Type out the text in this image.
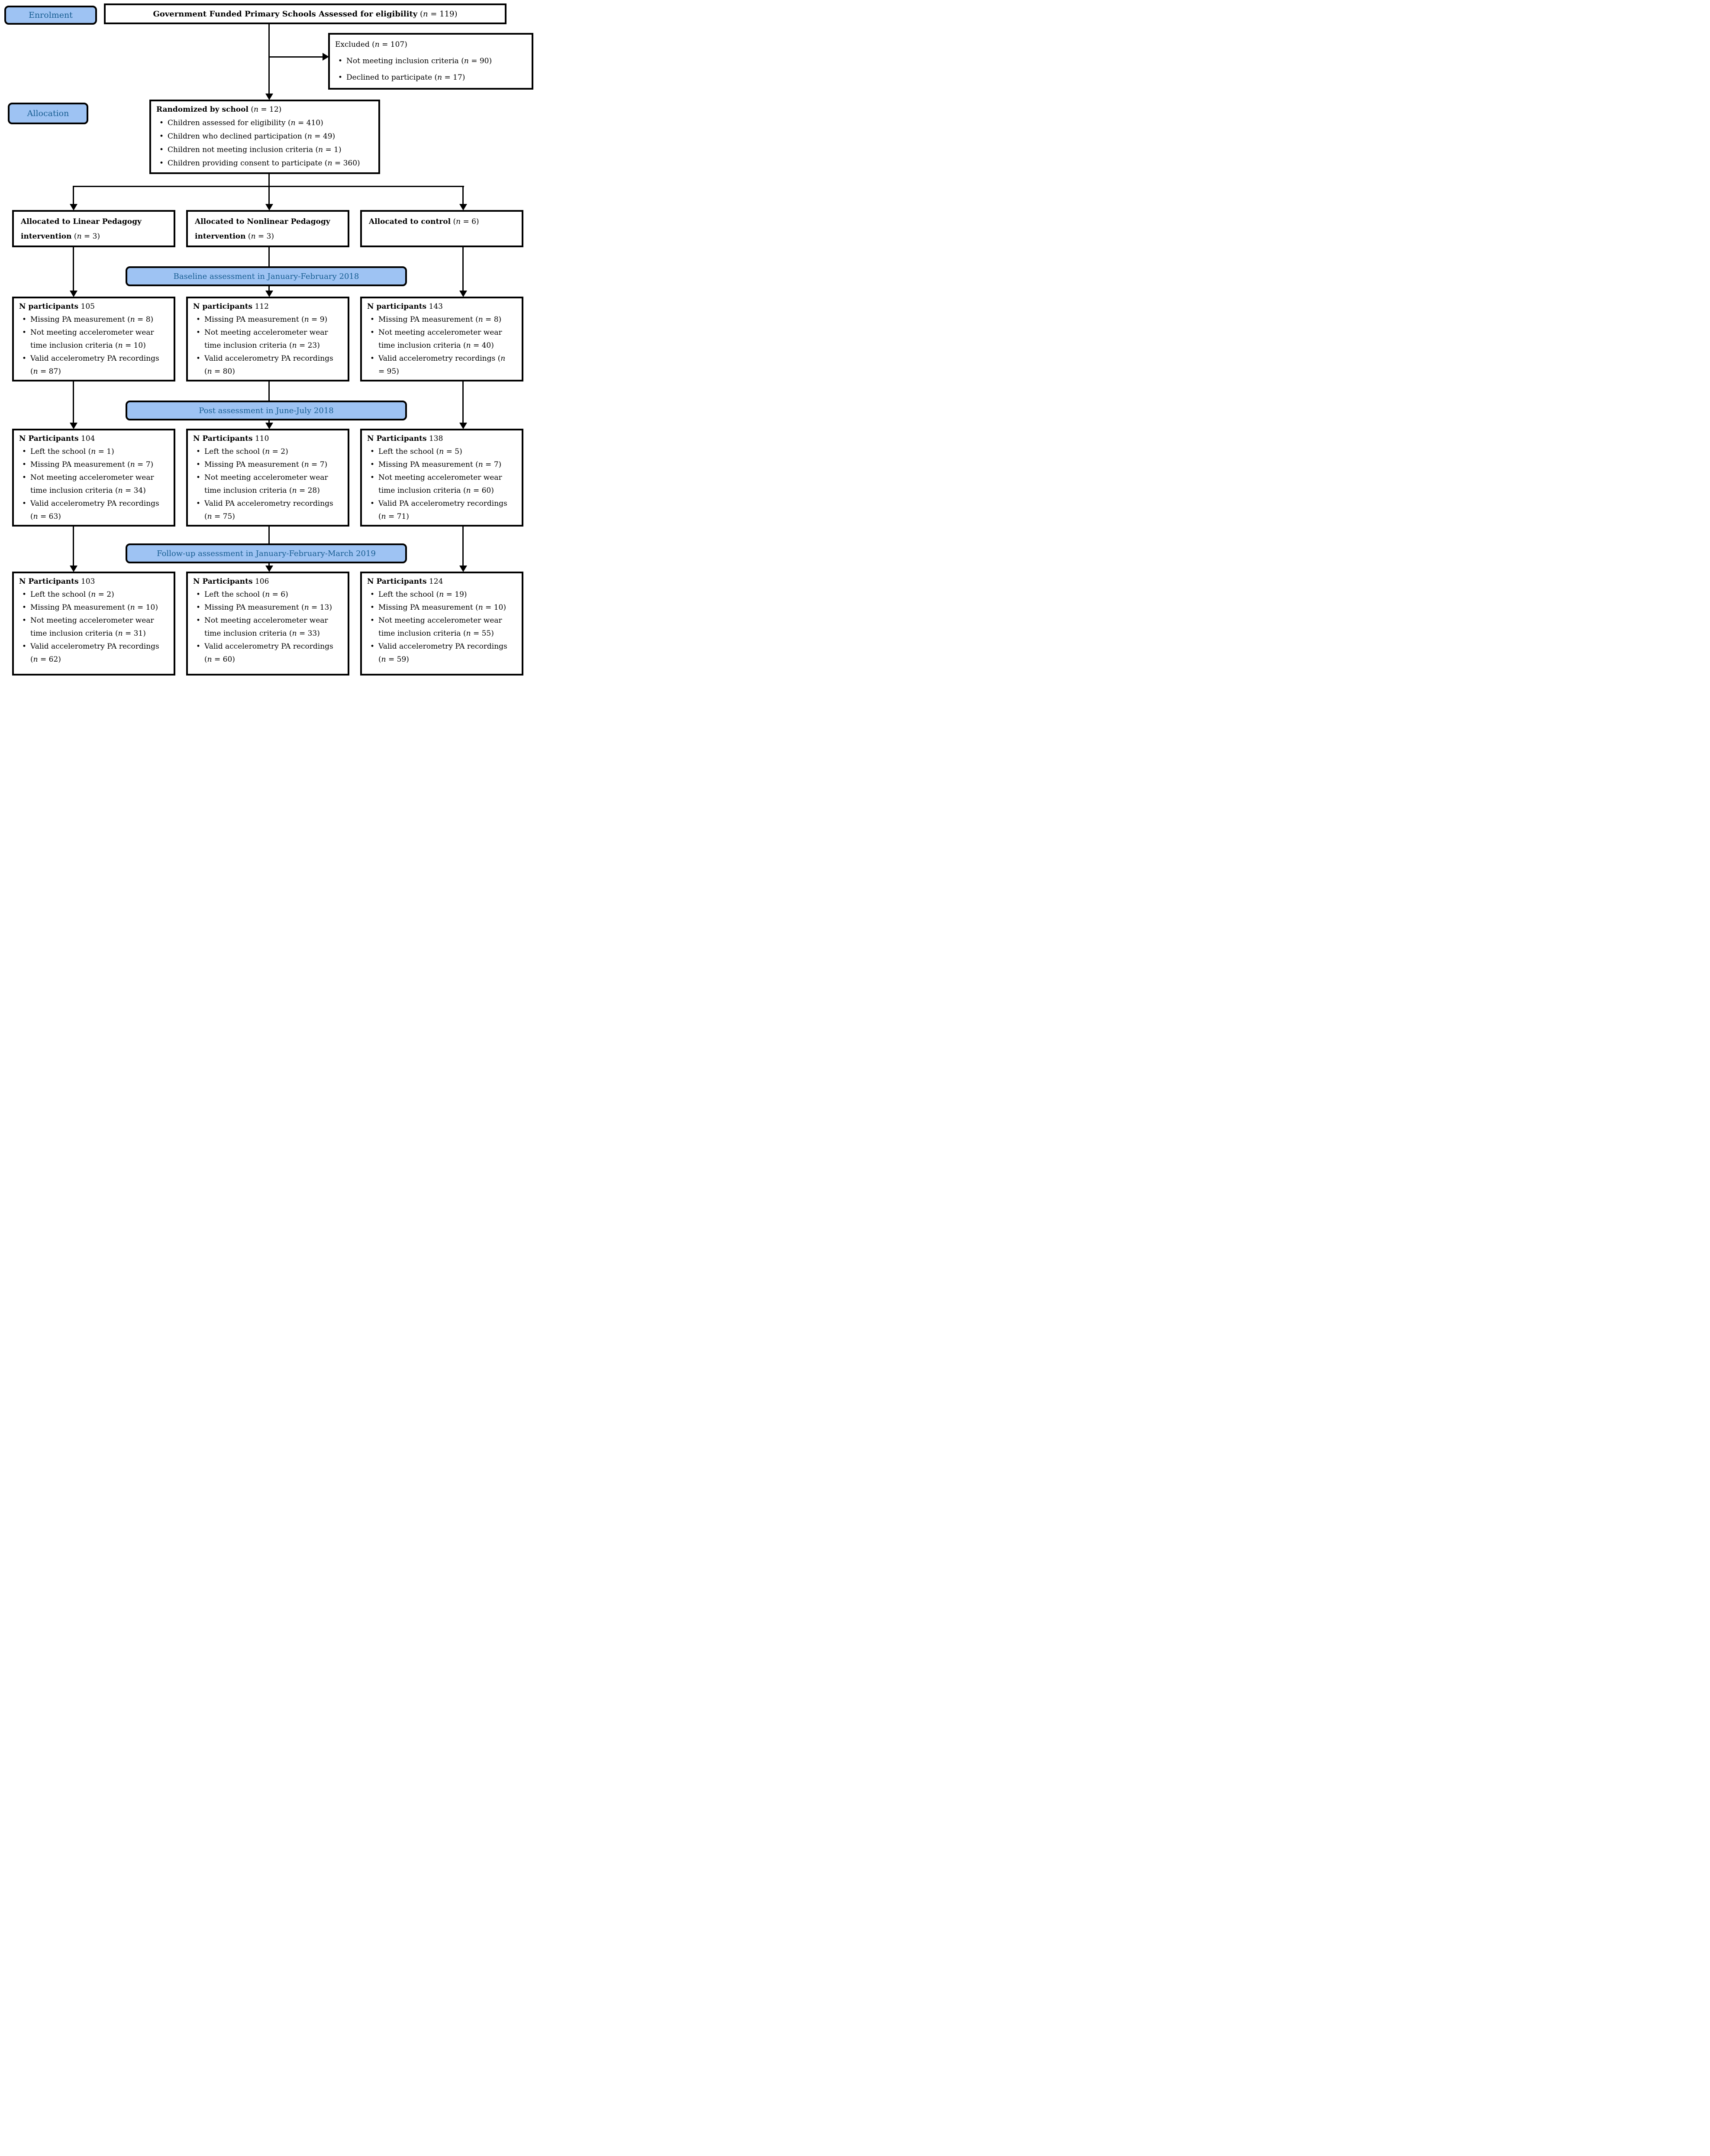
Enrolment
Allocation
Government Funded Primary Schools Assessed for eligibility (n = 119)
Excluded (n = 107)
• Not meeting inclusion criteria (n = 90)
• Declined to participate (n = 17)
Randomized by school (n = 12)
• Children assessed for eligibility (n = 410)
• Children who declined participation (n = 49)
• Children not meeting inclusion criteria (n = 1)
• Children providing consent to participate (n = 360)
Allocated to Linear Pedagogy intervention (n = 3)
Allocated to Nonlinear Pedagogy intervention (n = 3)
Allocated to control (n = 6)
Baseline assessment in January-February 2018
N participants 105
• Missing PA measurement (n = 8)
• Not meeting accelerometer wear time inclusion criteria (n = 10)
• Valid accelerometry PA recordings (n = 87)
N participants 112
• Missing PA measurement (n = 9)
• Not meeting accelerometer wear time inclusion criteria (n = 23)
• Valid accelerometry PA recordings (n = 80)
N participants 143
• Missing PA measurement (n = 8)
• Not meeting accelerometer wear time inclusion criteria (n = 40)
• Valid accelerometry recordings (n = 95)
Post assessment in June-July 2018
N Participants 104
• Left the school (n = 1)
• Missing PA measurement (n = 7)
• Not meeting accelerometer wear time inclusion criteria (n = 34)
• Valid accelerometry PA recordings (n = 63)
N Participants 110
• Left the school (n = 2)
• Missing PA measurement (n = 7)
• Not meeting accelerometer wear time inclusion criteria (n = 28)
• Valid PA accelerometry recordings (n = 75)
N Participants 138
• Left the school (n = 5)
• Missing PA measurement (n = 7)
• Not meeting accelerometer wear time inclusion criteria (n = 60)
• Valid PA accelerometry recordings (n = 71)
Follow-up assessment in January-February-March 2019
N Participants 103
• Left the school (n = 2)
• Missing PA measurement (n = 10)
• Not meeting accelerometer wear time inclusion criteria (n = 31)
• Valid accelerometry PA recordings (n = 62)
N Participants 106
• Left the school (n = 6)
• Missing PA measurement (n = 13)
• Not meeting accelerometer wear time inclusion criteria (n = 33)
• Valid accelerometry PA recordings (n = 60)
N Participants 124
• Left the school (n = 19)
• Missing PA measurement (n = 10)
• Not meeting accelerometer wear time inclusion criteria (n = 55)
• Valid accelerometry PA recordings (n = 59)
